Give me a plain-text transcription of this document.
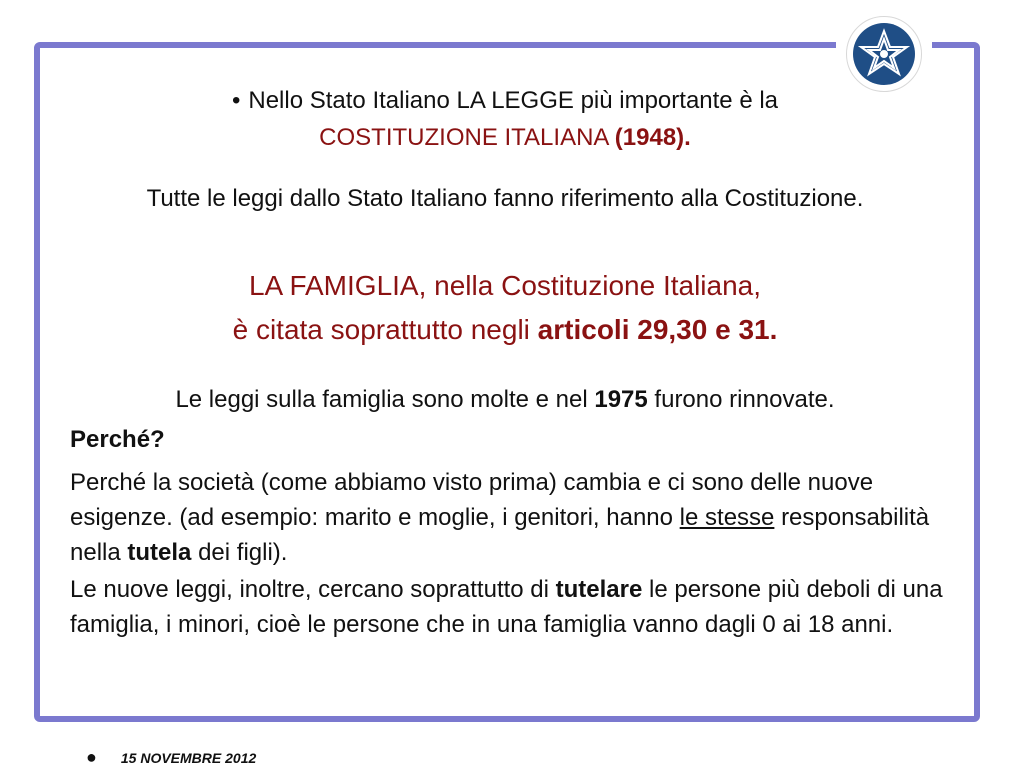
• Nello Stato Italiano LA LEGGE più importante è la
COSTITUZIONE ITALIANA (1948).
Tutte le leggi dallo Stato Italiano fanno riferimento alla Costituzione.
LA FAMIGLIA, nella Costituzione Italiana,
è citata soprattutto negli articoli 29,30 e 31.
Le leggi sulla famiglia sono molte e nel 1975 furono rinnovate.
Perché?
Perché la società (come abbiamo visto prima) cambia e ci sono delle nuove esigenze. (ad esempio: marito e moglie, i genitori, hanno le stesse responsabilità nella tutela dei figli).
Le nuove leggi, inoltre, cercano soprattutto di tutelare le persone più deboli di una famiglia, i minori, cioè le persone che in una famiglia vanno dagli 0 ai 18 anni.
● 15 NOVEMBRE 2012
